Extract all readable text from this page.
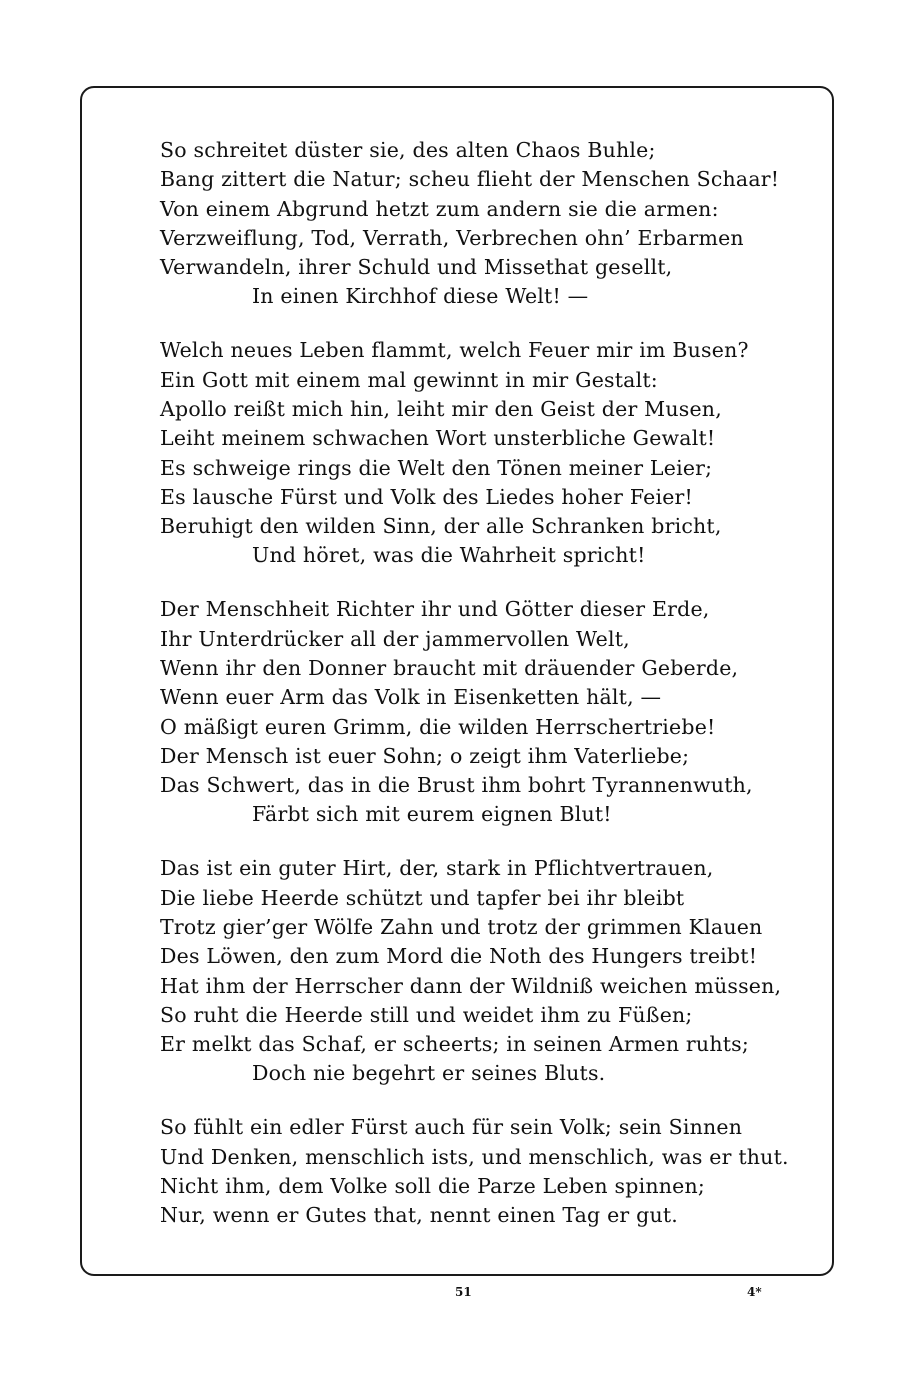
So schreitet düster sie, des alten Chaos Buhle;
Bang zittert die Natur; scheu flieht der Menschen Schaar!
Von einem Abgrund hetzt zum andern sie die armen:
Verzweiflung, Tod, Verrath, Verbrechen ohn’ Erbarmen
Verwandeln, ihrer Schuld und Missethat gesellt,
In einen Kirchhof diese Welt! —
Welch neues Leben flammt, welch Feuer mir im Busen?
Ein Gott mit einem mal gewinnt in mir Gestalt:
Apollo reißt mich hin, leiht mir den Geist der Musen,
Leiht meinem schwachen Wort unsterbliche Gewalt!
Es schweige rings die Welt den Tönen meiner Leier;
Es lausche Fürst und Volk des Liedes hoher Feier!
Beruhigt den wilden Sinn, der alle Schranken bricht,
Und höret, was die Wahrheit spricht!
Der Menschheit Richter ihr und Götter dieser Erde,
Ihr Unterdrücker all der jammervollen Welt,
Wenn ihr den Donner braucht mit dräuender Geberde,
Wenn euer Arm das Volk in Eisenketten hält, —
O mäßigt euren Grimm, die wilden Herrschertriebe!
Der Mensch ist euer Sohn; o zeigt ihm Vaterliebe;
Das Schwert, das in die Brust ihm bohrt Tyrannenwuth,
Färbt sich mit eurem eignen Blut!
Das ist ein guter Hirt, der, stark in Pflichtvertrauen,
Die liebe Heerde schützt und tapfer bei ihr bleibt
Trotz gier’ger Wölfe Zahn und trotz der grimmen Klauen
Des Löwen, den zum Mord die Noth des Hungers treibt!
Hat ihm der Herrscher dann der Wildniß weichen müssen,
So ruht die Heerde still und weidet ihm zu Füßen;
Er melkt das Schaf, er scheerts; in seinen Armen ruhts;
Doch nie begehrt er seines Bluts.
So fühlt ein edler Fürst auch für sein Volk; sein Sinnen
Und Denken, menschlich ists, und menschlich, was er thut.
Nicht ihm, dem Volke soll die Parze Leben spinnen;
Nur, wenn er Gutes that, nennt einen Tag er gut.
51	4*
